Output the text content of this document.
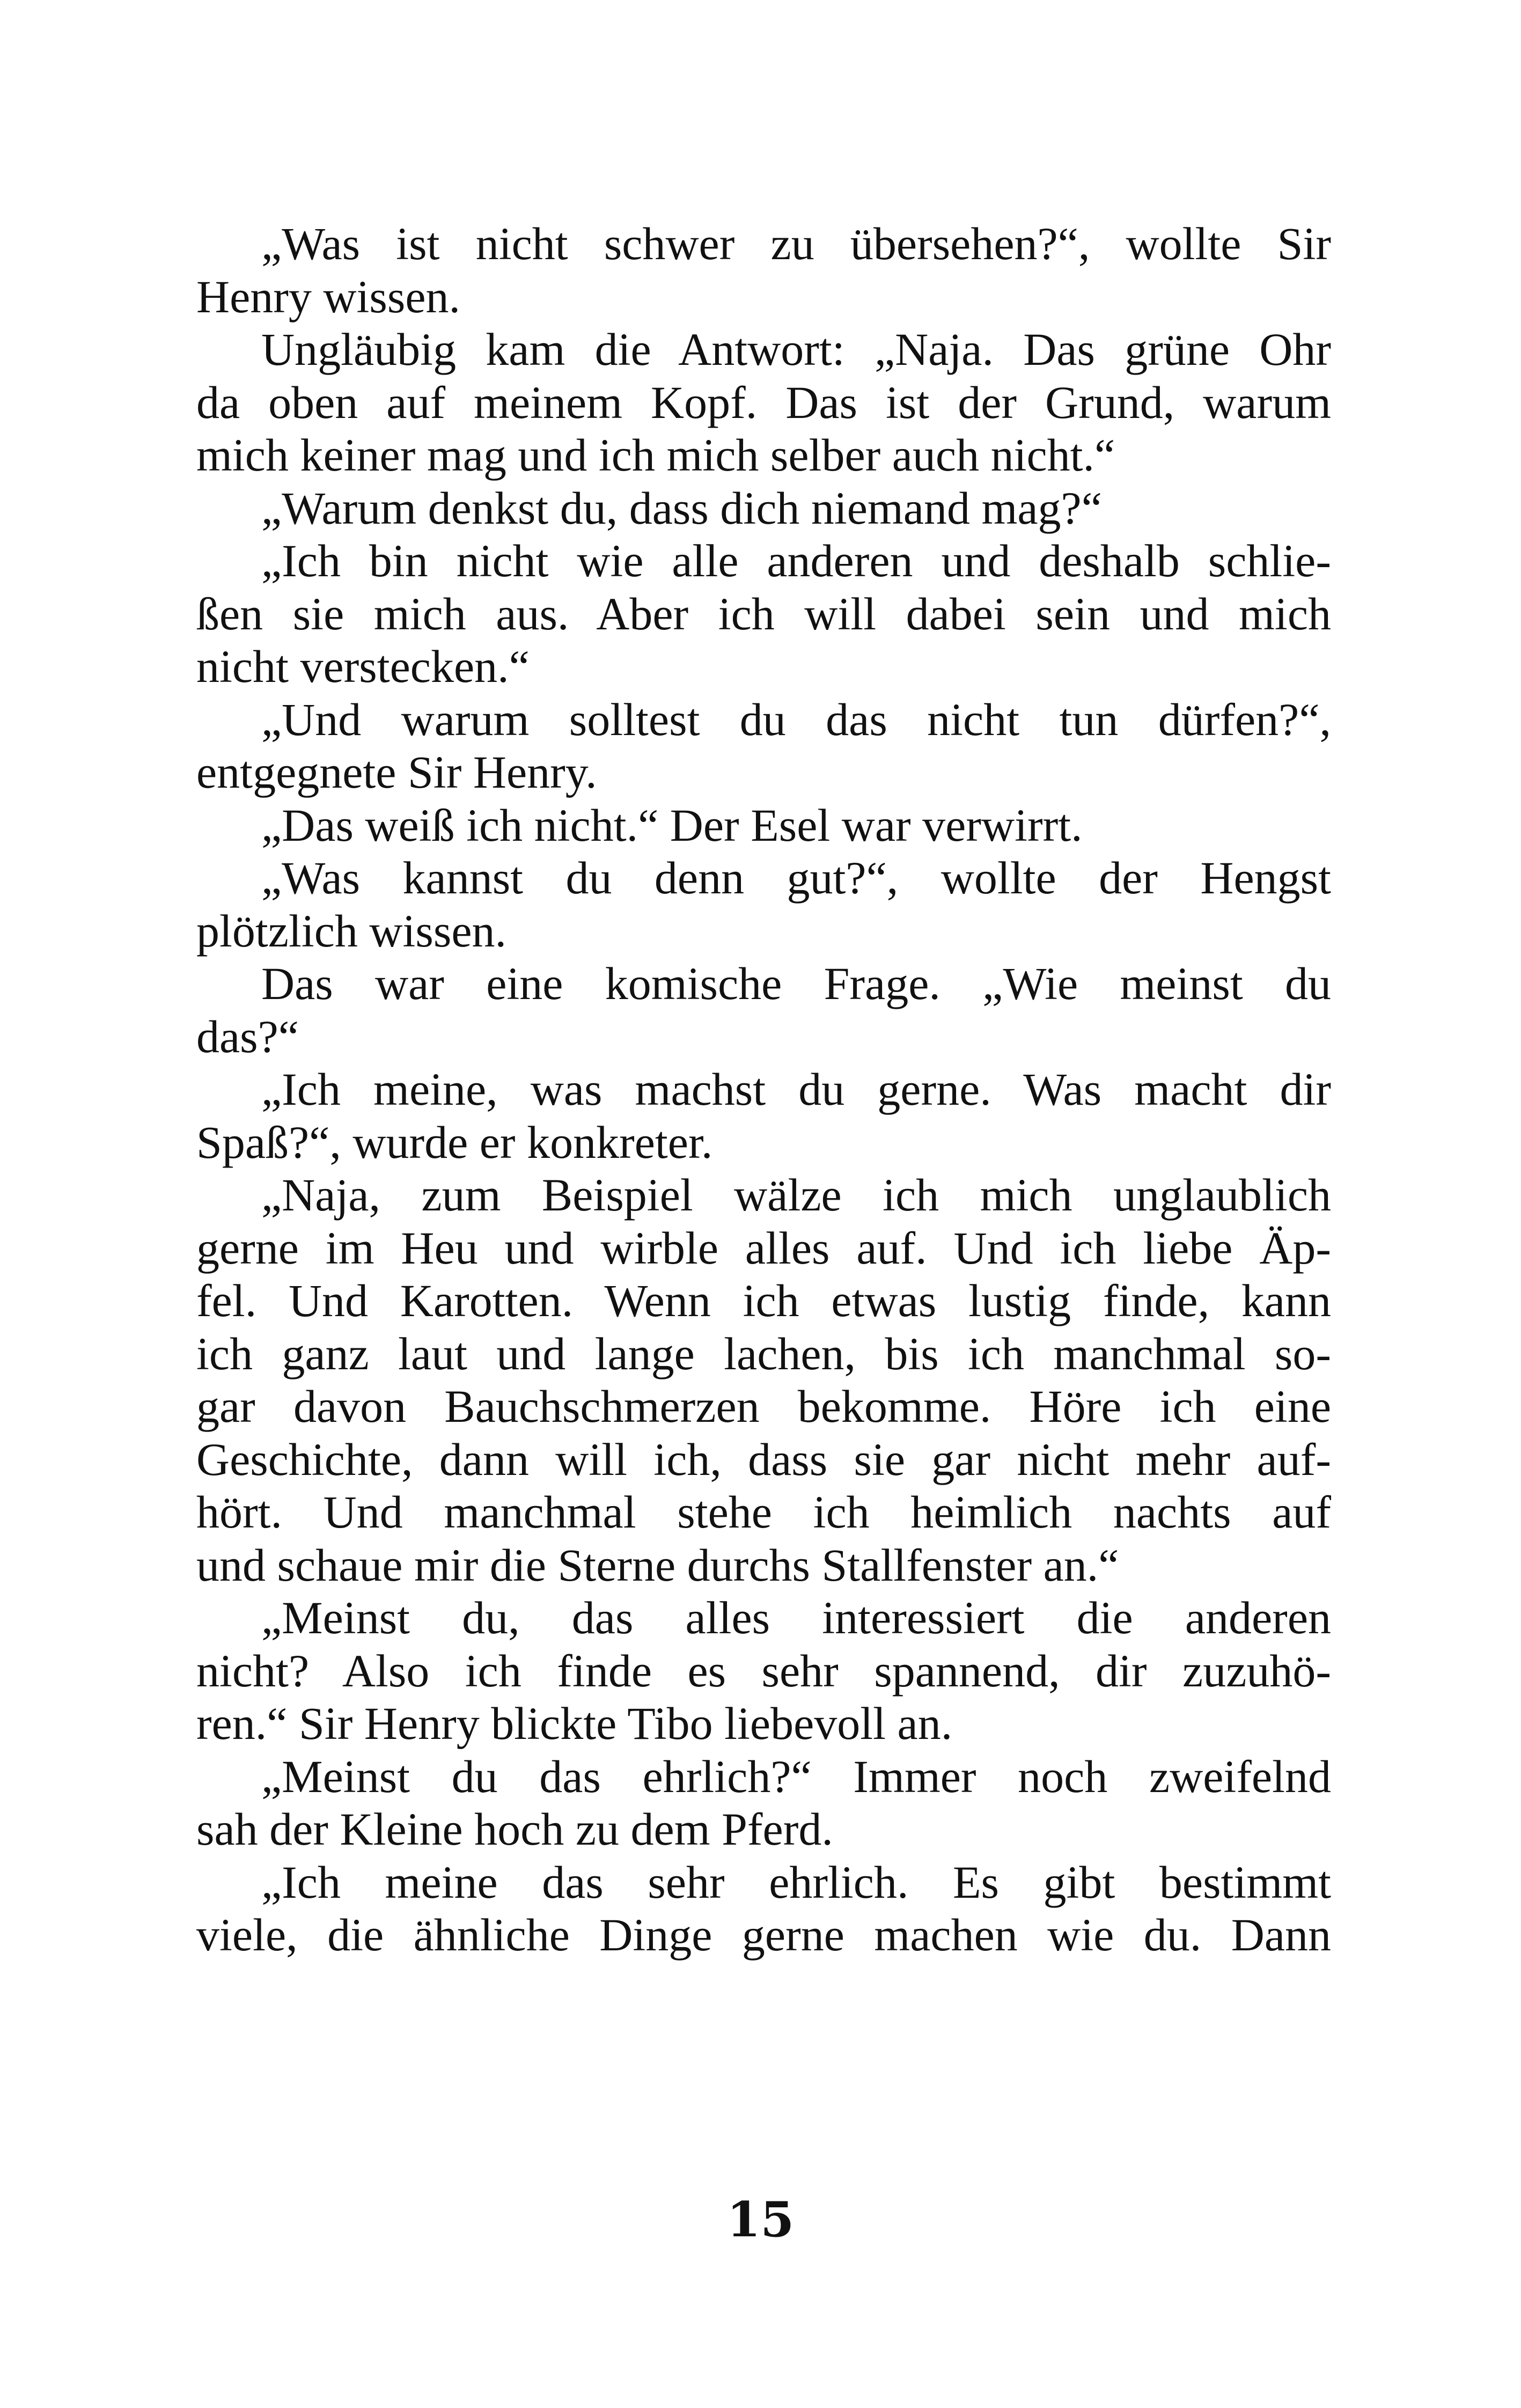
„Was ist nicht schwer zu übersehen?“, wollte Sir
Henry wissen.
Ungläubig kam die Antwort: „Naja. Das grüne Ohr
da oben auf meinem Kopf. Das ist der Grund, warum
mich keiner mag und ich mich selber auch nicht.“
„Warum denkst du, dass dich niemand mag?“
„Ich bin nicht wie alle anderen und deshalb schlie-
ßen sie mich aus. Aber ich will dabei sein und mich
nicht verstecken.“
„Und warum solltest du das nicht tun dürfen?“,
entgegnete Sir Henry.
„Das weiß ich nicht.“ Der Esel war verwirrt.
„Was kannst du denn gut?“, wollte der Hengst
plötzlich wissen.
Das war eine komische Frage. „Wie meinst du
das?“
„Ich meine, was machst du gerne. Was macht dir
Spaß?“, wurde er konkreter.
„Naja, zum Beispiel wälze ich mich unglaublich
gerne im Heu und wirble alles auf. Und ich liebe Äp-
fel. Und Karotten. Wenn ich etwas lustig finde, kann
ich ganz laut und lange lachen, bis ich manchmal so-
gar davon Bauchschmerzen bekomme. Höre ich eine
Geschichte, dann will ich, dass sie gar nicht mehr auf-
hört. Und manchmal stehe ich heimlich nachts auf
und schaue mir die Sterne durchs Stallfenster an.“
„Meinst du, das alles interessiert die anderen
nicht? Also ich finde es sehr spannend, dir zuzuhö-
ren.“ Sir Henry blickte Tibo liebevoll an.
„Meinst du das ehrlich?“ Immer noch zweifelnd
sah der Kleine hoch zu dem Pferd.
„Ich meine das sehr ehrlich. Es gibt bestimmt
viele, die ähnliche Dinge gerne machen wie du. Dann
15
